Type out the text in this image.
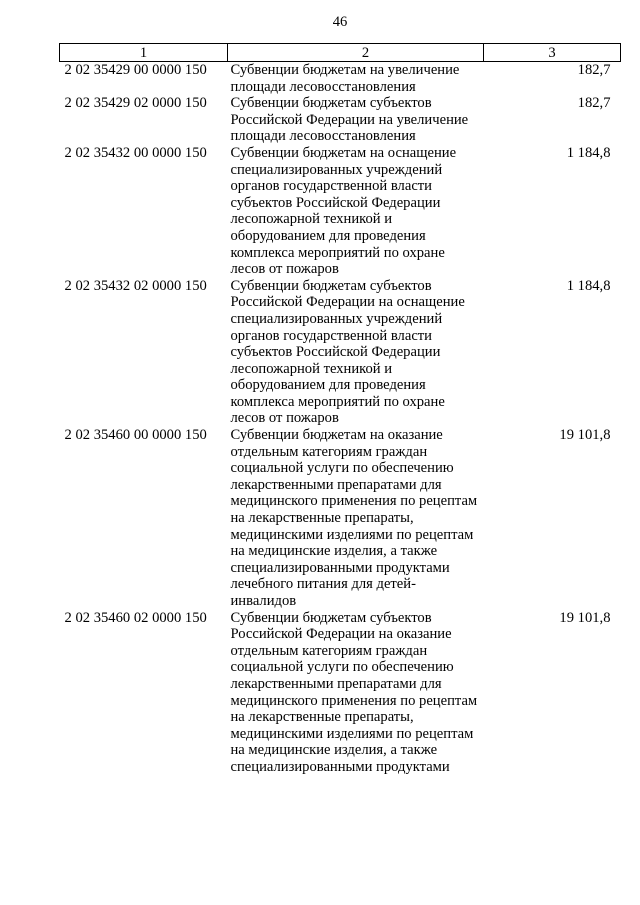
46
1	2	3
2 02 35429 00 0000 150	Субвенции бюджетам на увеличение площади лесовосстановления	182,7
2 02 35429 02 0000 150	Субвенции бюджетам субъектов Российской Федерации на увеличение площади лесовосстановления	182,7
2 02 35432 00 0000 150	Субвенции бюджетам на оснащение специализированных учреждений органов государственной власти субъектов Российской Федерации лесопожарной техникой и оборудованием для проведения комплекса мероприятий по охране лесов от пожаров	1 184,8
2 02 35432 02 0000 150	Субвенции бюджетам субъектов Российской Федерации на оснащение специализированных учреждений органов государственной власти субъектов Российской Федерации лесопожарной техникой и оборудованием для проведения комплекса мероприятий по охране лесов от пожаров	1 184,8
2 02 35460 00 0000 150	Субвенции бюджетам на оказание отдельным категориям граждан социальной услуги по обеспечению лекарственными препаратами для медицинского применения по рецептам на лекарственные препараты, медицинскими изделиями по рецептам на медицинские изделия, а также специализированными продуктами лечебного питания для детей-инвалидов	19 101,8
2 02 35460 02 0000 150	Субвенции бюджетам субъектов Российской Федерации на оказание отдельным категориям граждан социальной услуги по обеспечению лекарственными препаратами для медицинского применения по рецептам на лекарственные препараты, медицинскими изделиями по рецептам на медицинские изделия, а также специализированными продуктами	19 101,8
